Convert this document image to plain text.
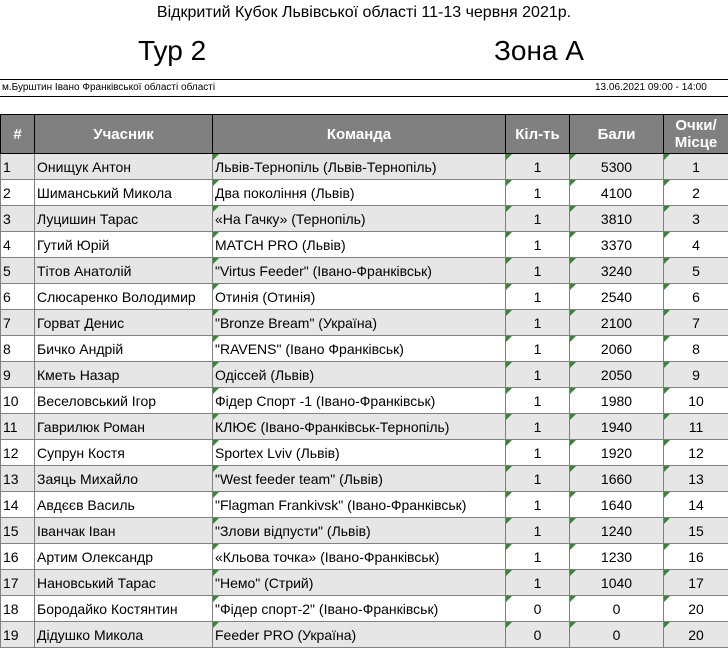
Відкритий Кубок Львівської області 11-13 червня 2021р.
Тур 2	Зона А
м.Бурштин Івано Франківської області області	13.06.2021 09:00 - 14:00
#	Учасник	Команда	Кіл-ть	Бали	Очки/ Місце
1	Онищук Антон	Львів-Тернопіль (Львів-Тернопіль)	1	5300	1
2	Шиманський Микола	Два покоління (Львів)	1	4100	2
3	Луцишин Тарас	«На Гачку» (Тернопіль)	1	3810	3
4	Гутий Юрій	MATCH PRO (Львів)	1	3370	4
5	Тітов Анатолій	"Virtus Feeder" (Івано-Франківськ)	1	3240	5
6	Слюсаренко Володимир	Отинія (Отинія)	1	2540	6
7	Горват Денис	"Bronze Bream" (Україна)	1	2100	7
8	Бичко Андрій	"RAVENS" (Івано Франківськ)	1	2060	8
9	Кметь Назар	Одіссей (Львів)	1	2050	9
10	Веселовський Ігор	Фідер Спорт -1 (Івано-Франківськ)	1	1980	10
11	Гаврилюк Роман	КЛЮЄ (Івано-Франківськ-Тернопіль)	1	1940	11
12	Супрун Костя	Sportex Lviv (Львів)	1	1920	12
13	Заяць Михайло	"West feeder team" (Львів)	1	1660	13
14	Авдєєв Василь	"Flagman Frankivsk" (Івано-Франківськ)	1	1640	14
15	Іванчак Іван	"Злови відпусти" (Львів)	1	1240	15
16	Артим Олександр	«Кльова точка» (Івано-Франківськ)	1	1230	16
17	Нановський Тарас	"Немо" (Стрий)	1	1040	17
18	Бородайко Костянтин	"Фідер спорт-2" (Івано-Франківськ)	0	0	20
19	Дідушко Микола	Feeder PRO (Україна)	0	0	20
